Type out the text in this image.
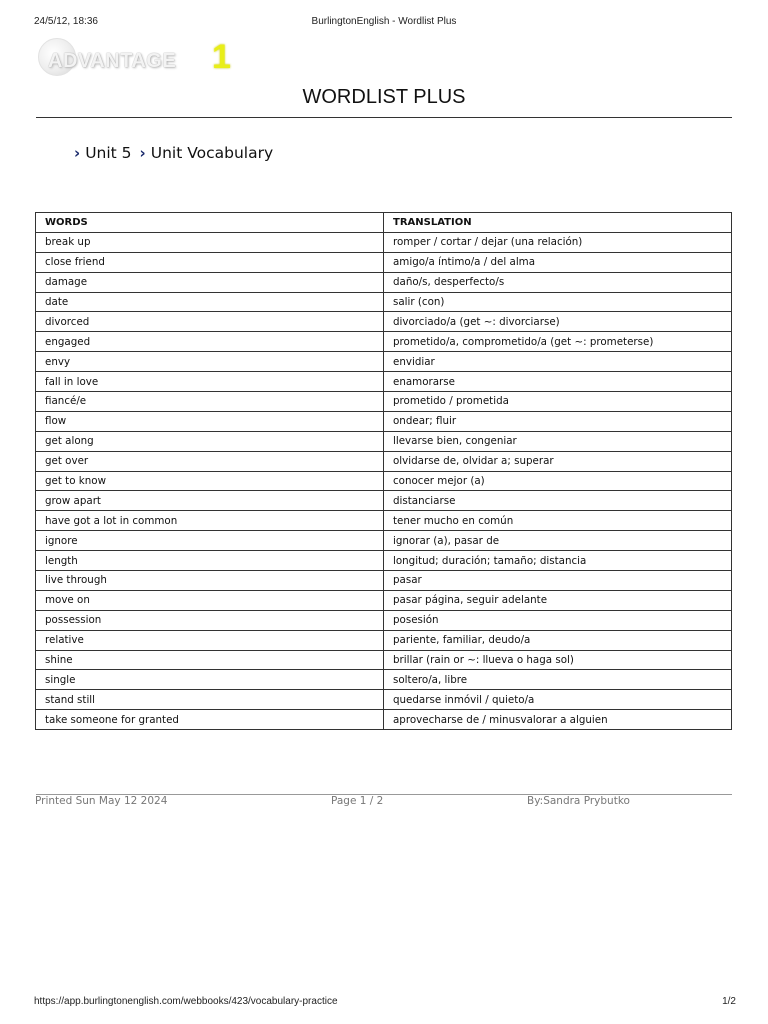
24/5/12, 18:36	BurlingtonEnglish - Wordlist Plus
ADVANTAGE 1
WORDLIST PLUS
› Unit 5 › Unit Vocabulary
WORDS	TRANSLATION
break up	romper / cortar / dejar (una relación)
close friend	amigo/a íntimo/a / del alma
damage	daño/s, desperfecto/s
date	salir (con)
divorced	divorciado/a (get ~: divorciarse)
engaged	prometido/a, comprometido/a (get ~: prometerse)
envy	envidiar
fall in love	enamorarse
fiancé/e	prometido / prometida
flow	ondear; fluir
get along	llevarse bien, congeniar
get over	olvidarse de, olvidar a; superar
get to know	conocer mejor (a)
grow apart	distanciarse
have got a lot in common	tener mucho en común
ignore	ignorar (a), pasar de
length	longitud; duración; tamaño; distancia
live through	pasar
move on	pasar página, seguir adelante
possession	posesión
relative	pariente, familiar, deudo/a
shine	brillar (rain or ~: llueva o haga sol)
single	soltero/a, libre
stand still	quedarse inmóvil / quieto/a
take someone for granted	aprovecharse de / minusvalorar a alguien
Printed Sun May 12 2024	Page 1 / 2	By:Sandra Prybutko
https://app.burlingtonenglish.com/webbooks/423/vocabulary-practice	1/2
